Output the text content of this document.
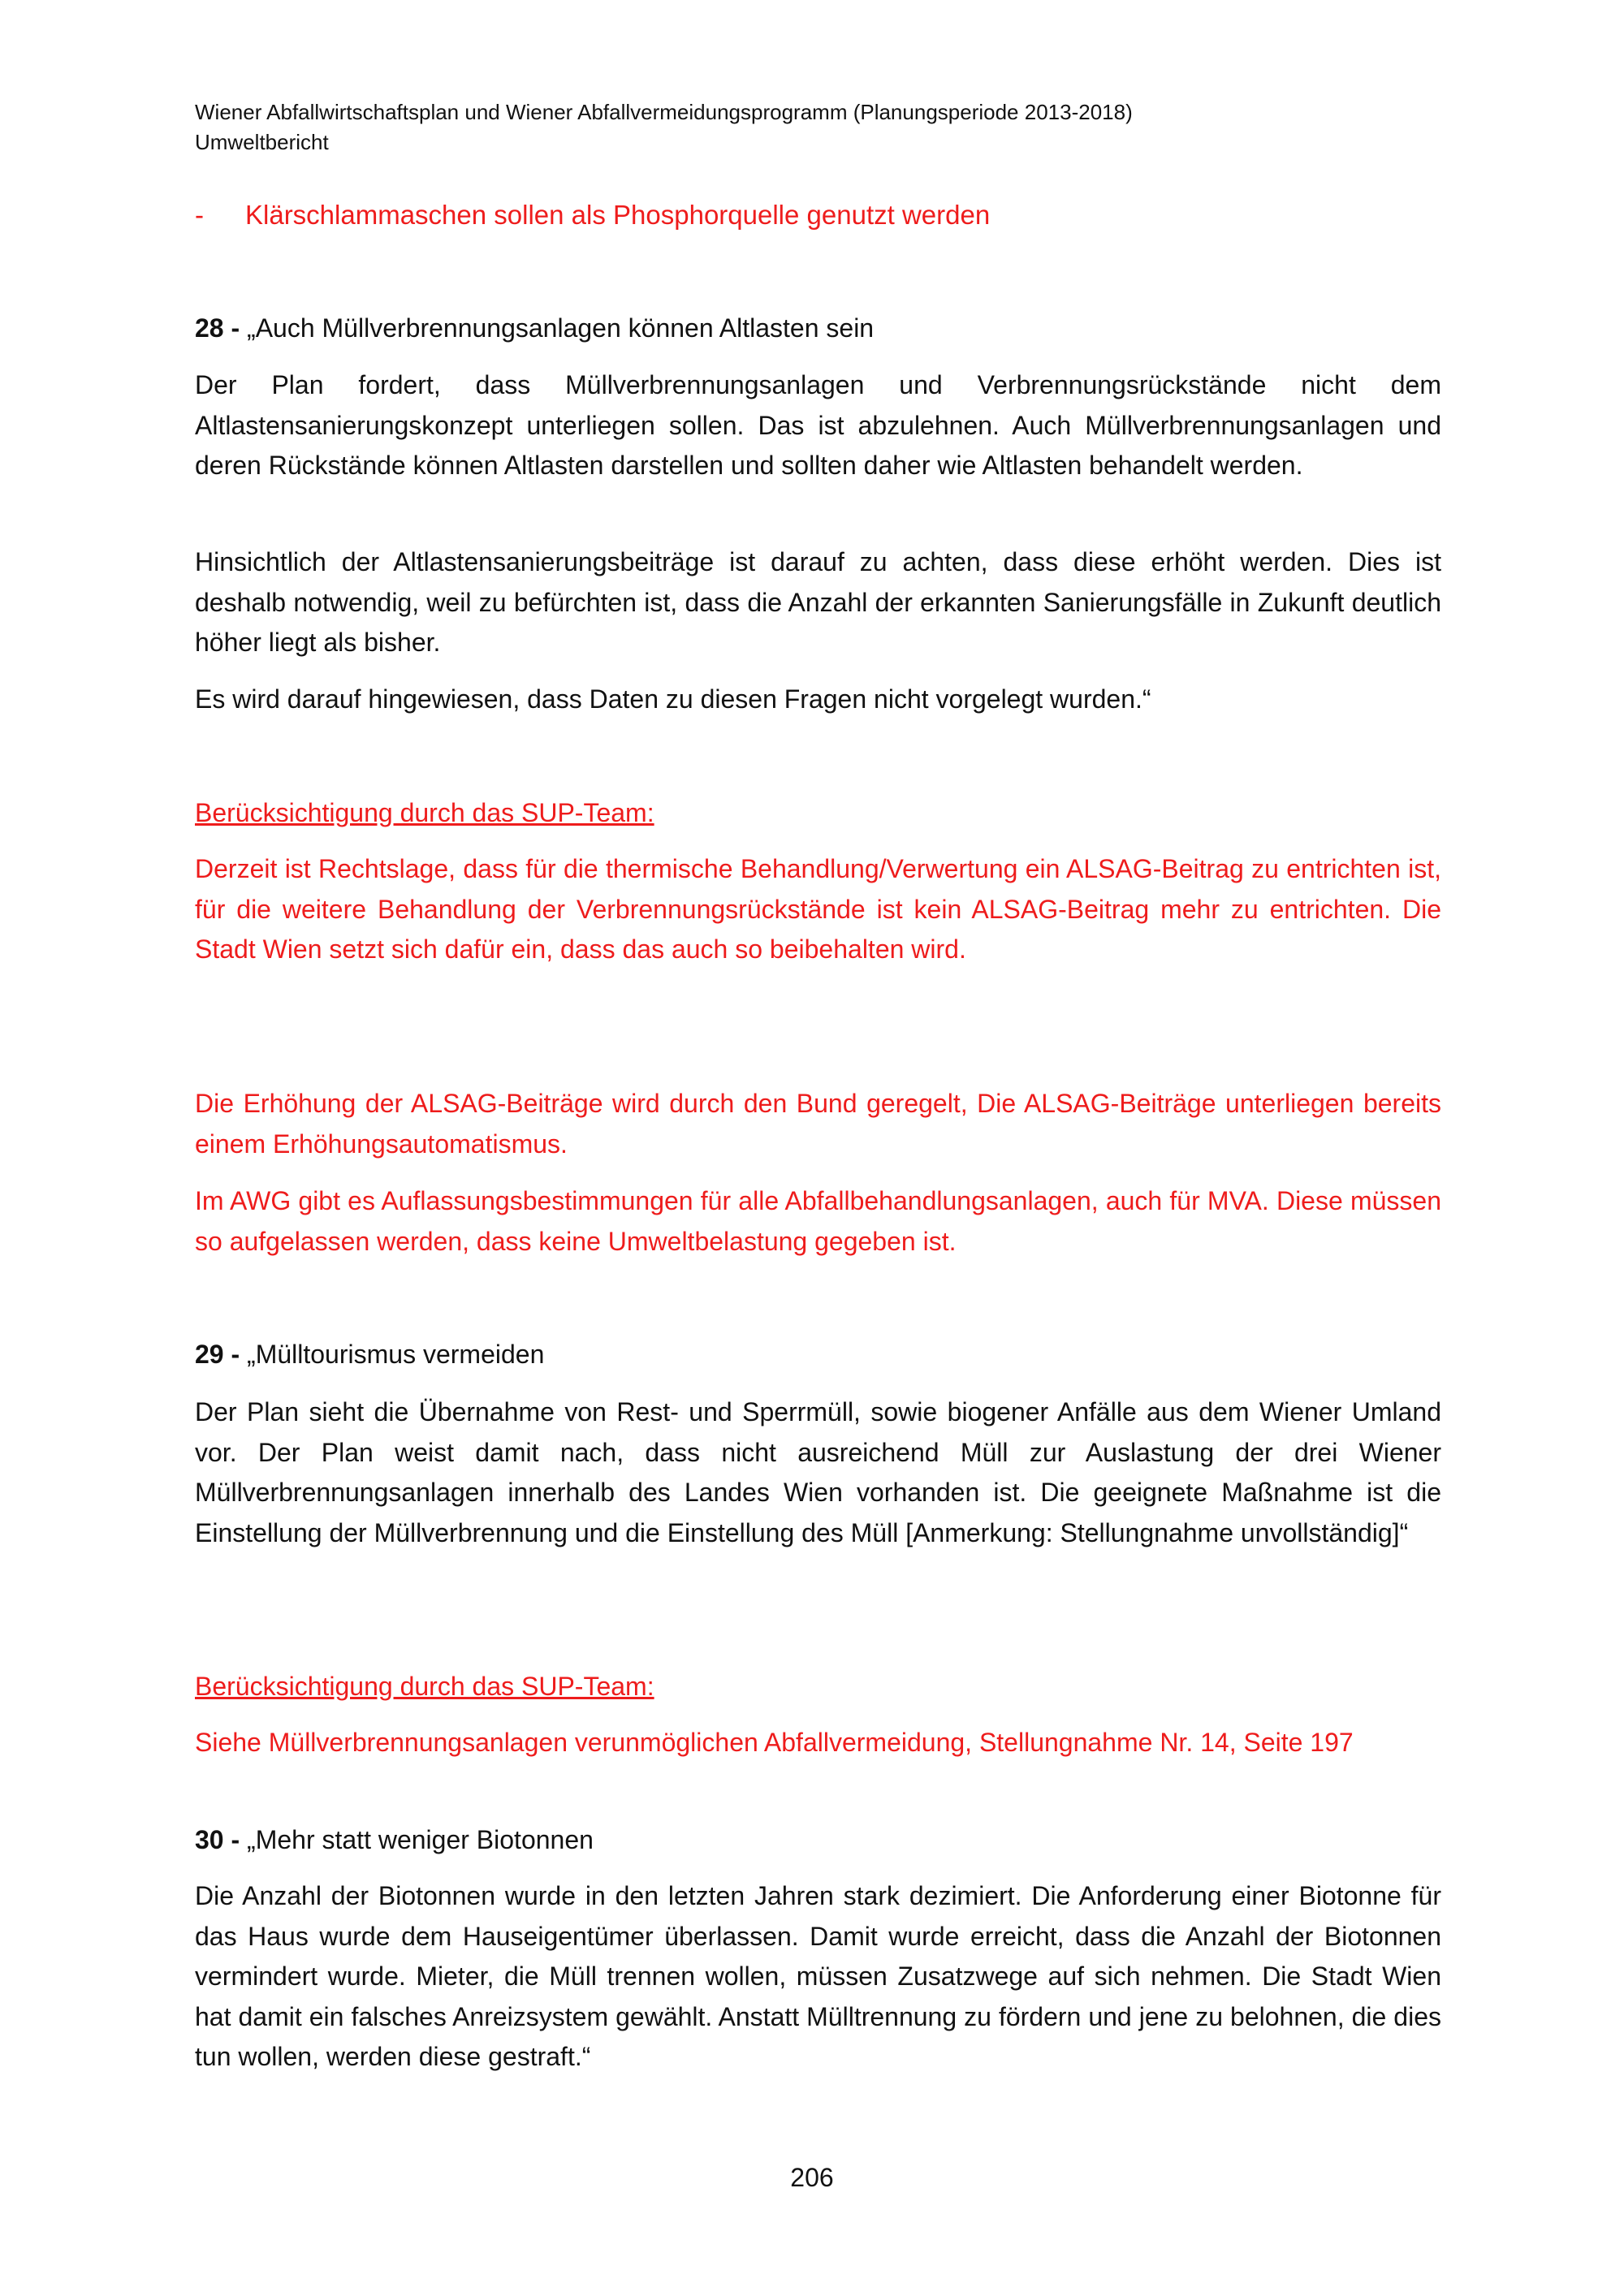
Wiener Abfallwirtschaftsplan und Wiener Abfallvermeidungsprogramm (Planungsperiode 2013-2018)
Umweltbericht
-	Klärschlammaschen sollen als Phosphorquelle genutzt werden
28 - „Auch Müllverbrennungsanlagen können Altlasten sein

Der Plan fordert, dass Müllverbrennungsanlagen und Verbrennungsrückstände nicht dem Altlastensanierungskonzept unterliegen sollen. Das ist abzulehnen. Auch Müllverbrennungsanlagen und deren Rückstände können Altlasten darstellen und sollten daher wie Altlasten behandelt werden.

Hinsichtlich der Altlastensanierungsbeiträge ist darauf zu achten, dass diese erhöht werden. Dies ist deshalb notwendig, weil zu befürchten ist, dass die Anzahl der erkannten Sanierungsfälle in Zukunft deutlich höher liegt als bisher.

Es wird darauf hingewiesen, dass Daten zu diesen Fragen nicht vorgelegt wurden.“

Berücksichtigung durch das SUP-Team:

Derzeit ist Rechtslage, dass für die thermische Behandlung/Verwertung ein ALSAG-Beitrag zu entrichten ist, für die weitere Behandlung der Verbrennungsrückstände ist kein ALSAG-Beitrag mehr zu entrichten. Die Stadt Wien setzt sich dafür ein, dass das auch so beibehalten wird.

Die Erhöhung der ALSAG-Beiträge wird durch den Bund geregelt, Die ALSAG-Beiträge unterliegen bereits einem Erhöhungsautomatismus.

Im AWG gibt es Auflassungsbestimmungen für alle Abfallbehandlungsanlagen, auch für MVA. Diese müssen so aufgelassen werden, dass keine Umweltbelastung gegeben ist.

29 - „Mülltourismus vermeiden

Der Plan sieht die Übernahme von Rest- und Sperrmüll, sowie biogener Anfälle aus dem Wiener Umland vor. Der Plan weist damit nach, dass nicht ausreichend Müll zur Auslastung der drei Wiener Müllverbrennungsanlagen innerhalb des Landes Wien vorhanden ist. Die geeignete Maßnahme ist die Einstellung der Müllverbrennung und die Einstellung des Müll [Anmerkung: Stellungnahme unvollständig]“

Berücksichtigung durch das SUP-Team:

Siehe Müllverbrennungsanlagen verunmöglichen Abfallvermeidung, Stellungnahme Nr. 14, Seite 197

30 - „Mehr statt weniger Biotonnen

Die Anzahl der Biotonnen wurde in den letzten Jahren stark dezimiert. Die Anforderung einer Biotonne für das Haus wurde dem Hauseigentümer überlassen. Damit wurde erreicht, dass die Anzahl der Biotonnen vermindert wurde. Mieter, die Müll trennen wollen, müssen Zusatzwege auf sich nehmen. Die Stadt Wien hat damit ein falsches Anreizsystem gewählt. Anstatt Mülltrennung zu fördern und jene zu belohnen, die dies tun wollen, werden diese gestraft.“

206
